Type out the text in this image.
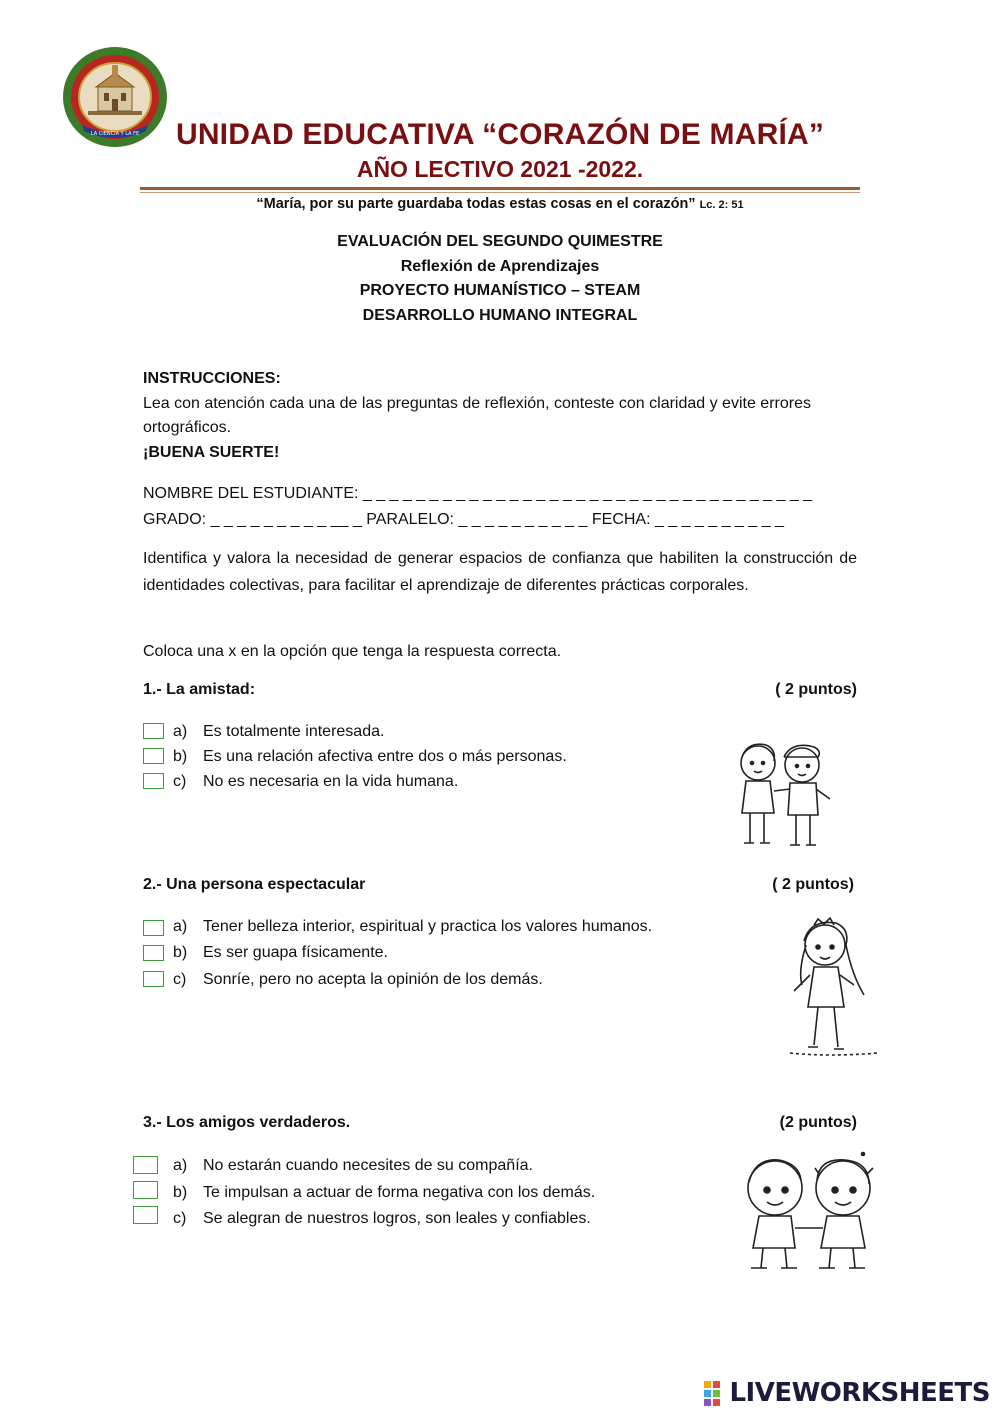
LA CIENCIA Y LA FE	UNIDAD EDUCATIVA “CORAZÓN DE MARÍA”
AÑO LECTIVO 2021 -2022.
“María, por su parte guardaba todas estas cosas en el corazón” Lc. 2: 51
EVALUACIÓN DEL SEGUNDO QUIMESTRE
Reflexión de Aprendizajes
PROYECTO HUMANÍSTICO – STEAM
DESARROLLO HUMANO INTEGRAL
INSTRUCCIONES:
Lea con atención cada una de las preguntas de reflexión, conteste con claridad y evite errores ortográficos.
¡BUENA SUERTE!
NOMBRE DEL ESTUDIANTE: _ _ _ _ _ _ _ _ _ _ _ _ _ _ _ _ _ _ _ _ _ _ _ _ _ _ _ _ _ _ _ _ _ _
GRADO: _ _ _ _ _ _ _ _ _ __ _ PARALELO: _ _ _ _ _ _ _ _ _ _ FECHA: _ _ _ _ _ _ _ _ _ _
Identifica y valora la necesidad de generar espacios de confianza que habiliten la construcción de identidades colectivas, para facilitar el aprendizaje de diferentes prácticas corporales.
Coloca una x en la opción que tenga la respuesta correcta.
1.- La amistad:	( 2 puntos)
a) Es totalmente interesada.
b) Es una relación afectiva entre dos o más personas.
c) No es necesaria en la vida humana.
2.- Una persona espectacular	( 2 puntos)
a) Tener belleza interior, espiritual y practica los valores humanos.
b) Es ser guapa físicamente.
c) Sonríe, pero no acepta la opinión de los demás.
3.- Los amigos verdaderos.	(2 puntos)
a) No estarán cuando necesites de su compañía.
b) Te impulsan a actuar de forma negativa con los demás.
c) Se alegran de nuestros logros, son leales y confiables.
LIVEWORKSHEETS
